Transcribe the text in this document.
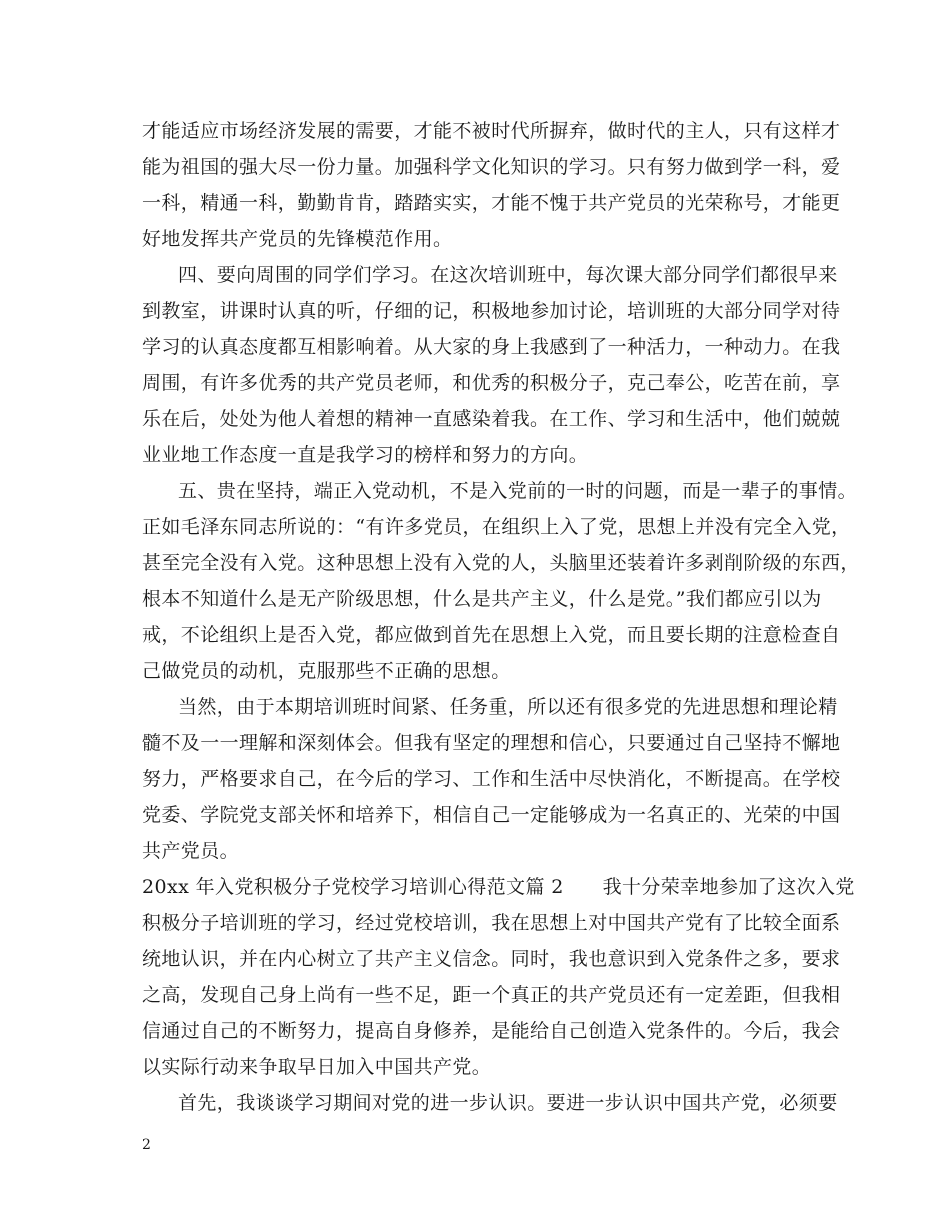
才能适应市场经济发展的需要，才能不被时代所摒弃，做时代的主人，只有这样才
能为祖国的强大尽一份力量。加强科学文化知识的学习。只有努力做到学一科，爱
一科，精通一科，勤勤肯肯，踏踏实实，才能不愧于共产党员的光荣称号，才能更
好地发挥共产党员的先锋模范作用。
四、要向周围的同学们学习。在这次培训班中，每次课大部分同学们都很早来
到教室，讲课时认真的听，仔细的记，积极地参加讨论，培训班的大部分同学对待
学习的认真态度都互相影响着。从大家的身上我感到了一种活力，一种动力。在我
周围，有许多优秀的共产党员老师，和优秀的积极分子，克己奉公，吃苦在前，享
乐在后，处处为他人着想的精神一直感染着我。在工作、学习和生活中，他们兢兢
业业地工作态度一直是我学习的榜样和努力的方向。
五、贵在坚持，端正入党动机，不是入党前的一时的问题，而是一辈子的事情。
正如毛泽东同志所说的：“有许多党员，在组织上入了党，思想上并没有完全入党，
甚至完全没有入党。这种思想上没有入党的人，头脑里还装着许多剥削阶级的东西，
根本不知道什么是无产阶级思想，什么是共产主义，什么是党。”我们都应引以为
戒，不论组织上是否入党，都应做到首先在思想上入党，而且要长期的注意检查自
己做党员的动机，克服那些不正确的思想。
当然，由于本期培训班时间紧、任务重，所以还有很多党的先进思想和理论精
髓不及一一理解和深刻体会。但我有坚定的理想和信心，只要通过自己坚持不懈地
努力，严格要求自己，在今后的学习、工作和生活中尽快消化，不断提高。在学校
党委、学院党支部关怀和培养下，相信自己一定能够成为一名真正的、光荣的中国
共产党员。
20xx 年入党积极分子党校学习培训心得范文篇 2　　我十分荣幸地参加了这次入党
积极分子培训班的学习，经过党校培训，我在思想上对中国共产党有了比较全面系
统地认识，并在内心树立了共产主义信念。同时，我也意识到入党条件之多，要求
之高，发现自己身上尚有一些不足，距一个真正的共产党员还有一定差距，但我相
信通过自己的不断努力，提高自身修养，是能给自己创造入党条件的。今后，我会
以实际行动来争取早日加入中国共产党。
首先，我谈谈学习期间对党的进一步认识。要进一步认识中国共产党，必须要
2
